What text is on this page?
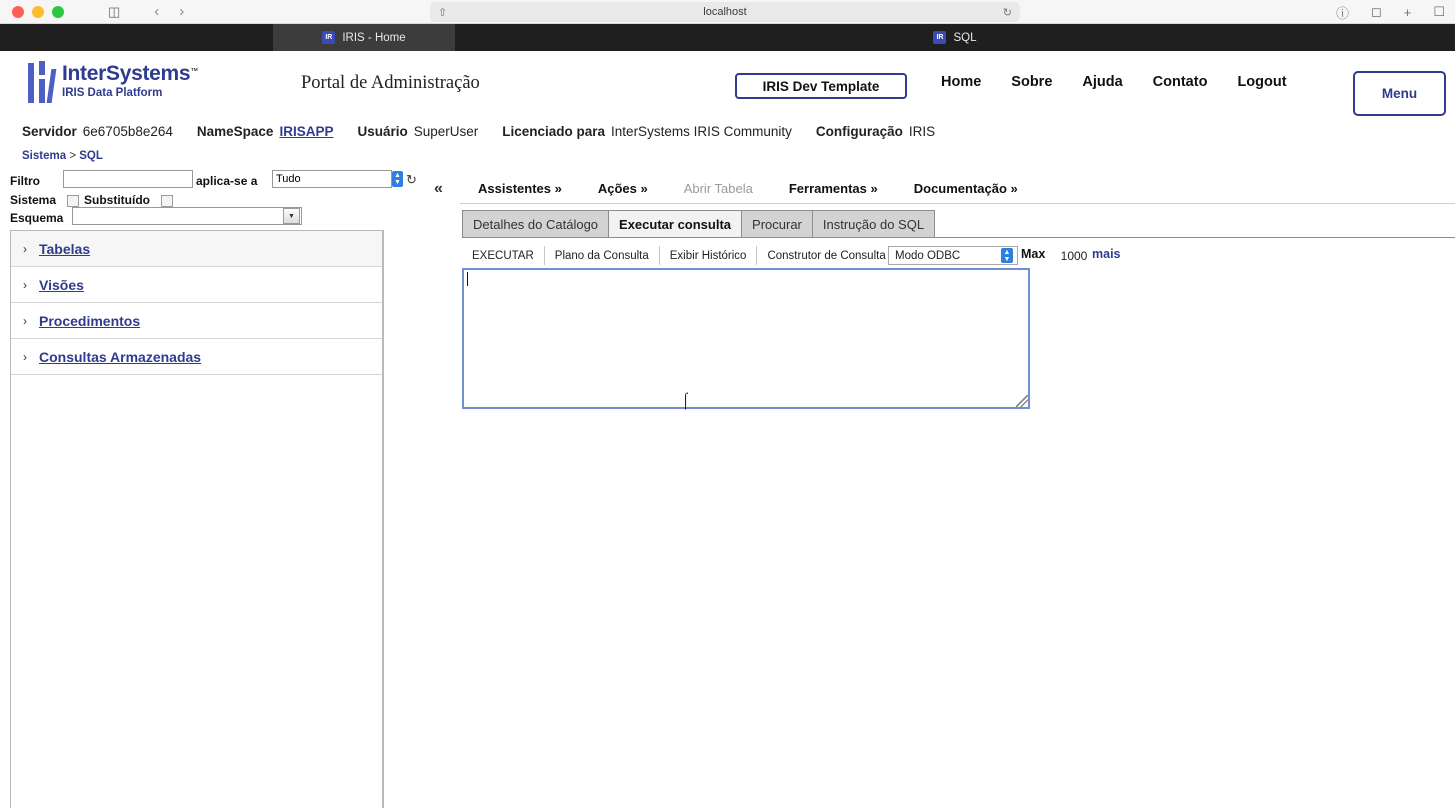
◫ ‹ ›	⇧	localhost	↻	ⓘ ◻ + ☐
IR IRIS - Home	IR SQL
InterSystems™
IRIS Data Platform
Portal de Administração	IRIS Dev Template	Home Sobre Ajuda Contato Logout
Menu
Servidor 6e6705b8e264 NameSpace IRISAPP Usuário SuperUser Licenciado para InterSystems IRIS Community Configuração IRIS
Sistema > SQL
Filtro	aplica-se a
Tudo	▲
▼ ↻
Sistema Substituído
Esquema	▼
› Tabelas
› Visões
› Procedimentos
› Consultas Armazenadas
«	Assistentes »	Ações »	Abrir Tabela	Ferramentas »	Documentação »
Detalhes do Catálogo	Executar consulta	Procurar	Instrução do SQL
EXECUTAR	Plano da Consulta	Exibir Histórico	Construtor de Consulta Modo ODBC	▲
▼ Max	1000 mais
⌠
